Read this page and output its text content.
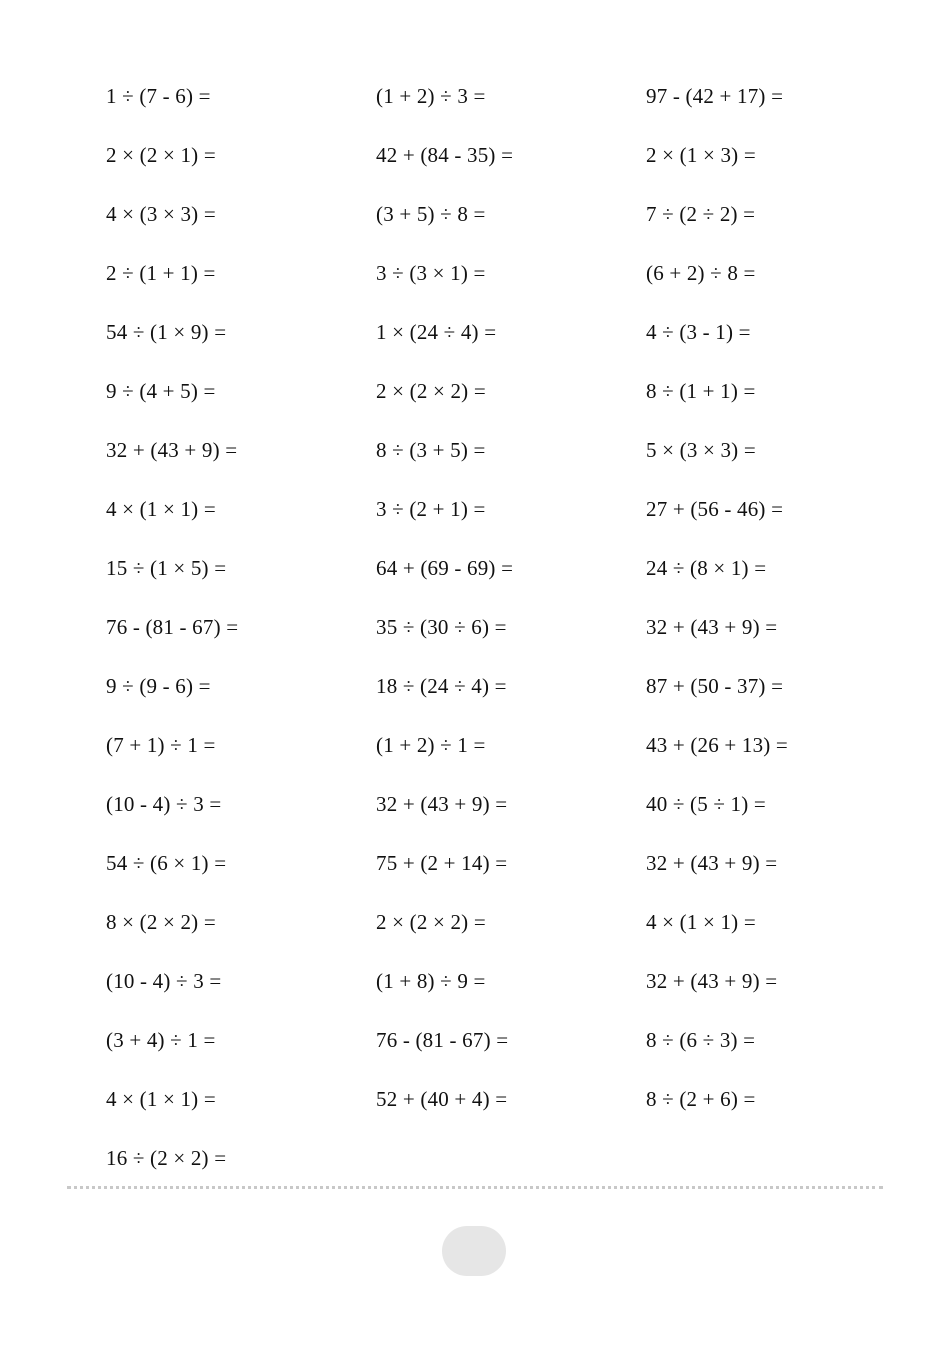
1 ÷ (7 - 6) =	(1 + 2) ÷ 3 =	97 - (42 + 17) =
2 × (2 × 1) =	42 + (84 - 35) =	2 × (1 × 3) =
4 × (3 × 3) =	(3 + 5) ÷ 8 =	7 ÷ (2 ÷ 2) =
2 ÷ (1 + 1) =	3 ÷ (3 × 1) =	(6 + 2) ÷ 8 =
54 ÷ (1 × 9) =	1 × (24 ÷ 4) =	4 ÷ (3 - 1) =
9 ÷ (4 + 5) =	2 × (2 × 2) =	8 ÷ (1 + 1) =
32 + (43 + 9) =	8 ÷ (3 + 5) =	5 × (3 × 3) =
4 × (1 × 1) =	3 ÷ (2 + 1) =	27 + (56 - 46) =
15 ÷ (1 × 5) =	64 + (69 - 69) =	24 ÷ (8 × 1) =
76 - (81 - 67) =	35 ÷ (30 ÷ 6) =	32 + (43 + 9) =
9 ÷ (9 - 6) =	18 ÷ (24 ÷ 4) =	87 + (50 - 37) =
(7 + 1) ÷ 1 =	(1 + 2) ÷ 1 =	43 + (26 + 13) =
(10 - 4) ÷ 3 =	32 + (43 + 9) =	40 ÷ (5 ÷ 1) =
54 ÷ (6 × 1) =	75 + (2 + 14) =	32 + (43 + 9) =
8 × (2 × 2) =	2 × (2 × 2) =	4 × (1 × 1) =
(10 - 4) ÷ 3 =	(1 + 8) ÷ 9 =	32 + (43 + 9) =
(3 + 4) ÷ 1 =	76 - (81 - 67) =	8 ÷ (6 ÷ 3) =
4 × (1 × 1) =	52 + (40 + 4) =	8 ÷ (2 + 6) =
16 ÷ (2 × 2) =
